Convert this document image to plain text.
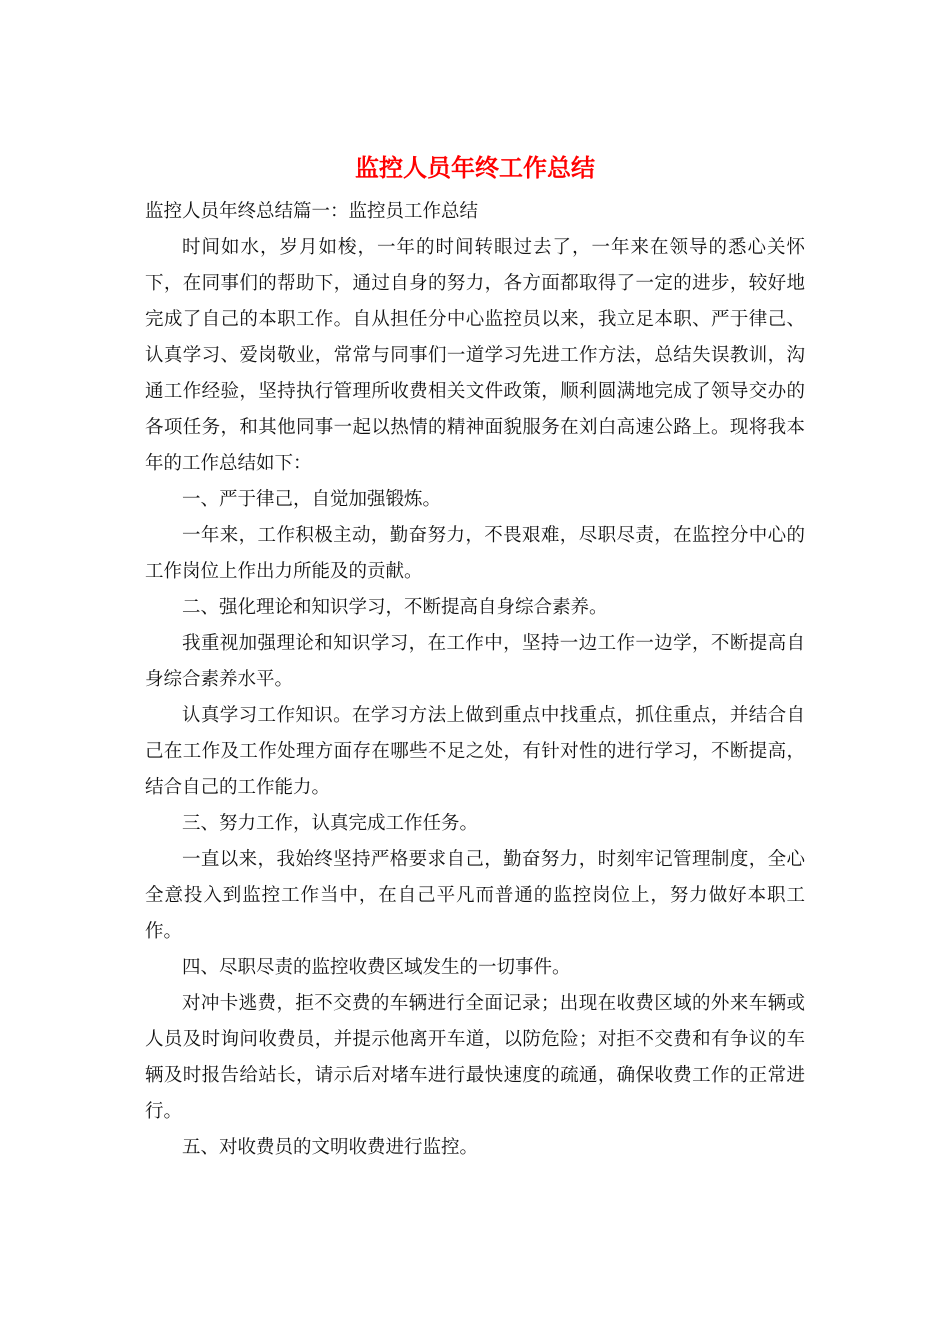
监控人员年终工作总结

监控人员年终总结篇一：监控员工作总结

时间如水，岁月如梭，一年的时间转眼过去了，一年来在领导的悉心关怀下，在同事们的帮助下，通过自身的努力，各方面都取得了一定的进步，较好地完成了自己的本职工作。自从担任分中心监控员以来，我立足本职、严于律己、认真学习、爱岗敬业，常常与同事们一道学习先进工作方法，总结失误教训，沟通工作经验，坚持执行管理所收费相关文件政策，顺利圆满地完成了领导交办的各项任务，和其他同事一起以热情的精神面貌服务在刘白高速公路上。现将我本年的工作总结如下：

一、严于律己，自觉加强锻炼。

一年来，工作积极主动，勤奋努力，不畏艰难，尽职尽责，在监控分中心的工作岗位上作出力所能及的贡献。

二、强化理论和知识学习，不断提高自身综合素养。

我重视加强理论和知识学习，在工作中，坚持一边工作一边学，不断提高自身综合素养水平。

认真学习工作知识。在学习方法上做到重点中找重点，抓住重点，并结合自己在工作及工作处理方面存在哪些不足之处，有针对性的进行学习，不断提高，结合自己的工作能力。

三、努力工作，认真完成工作任务。

一直以来，我始终坚持严格要求自己，勤奋努力，时刻牢记管理制度，全心全意投入到监控工作当中，在自己平凡而普通的监控岗位上，努力做好本职工作。

四、尽职尽责的监控收费区域发生的一切事件。

对冲卡逃费，拒不交费的车辆进行全面记录；出现在收费区域的外来车辆或人员及时询问收费员，并提示他离开车道，以防危险；对拒不交费和有争议的车辆及时报告给站长，请示后对堵车进行最快速度的疏通，确保收费工作的正常进行。

五、对收费员的文明收费进行监控。
